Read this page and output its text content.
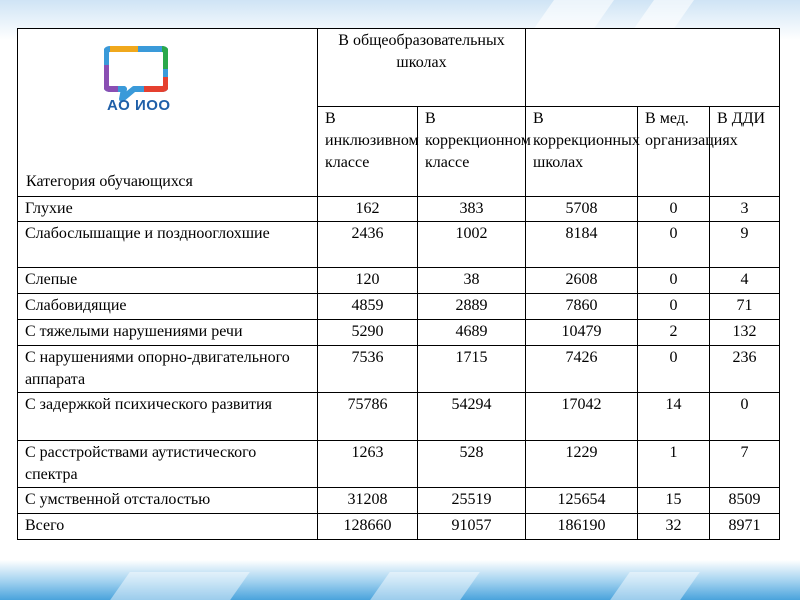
АО ИОО
Категория обучающихся	В общеобразовательных школах				
	В инклюзивном классе	В коррекционном классе	В коррекционных школах	В мед. организациях	В ДДИ
Глухие	162	383	5708	0	3
Слабослышащие и позднооглохшие	2436	1002	8184	0	9
Слепые	120	38	2608	0	4
Слабовидящие	4859	2889	7860	0	71
С тяжелыми нарушениями речи	5290	4689	10479	2	132
С нарушениями опорно-двигательного аппарата	7536	1715	7426	0	236
С задержкой психического развития	75786	54294	17042	14	0
С расстройствами аутистического спектра	1263	528	1229	1	7
С умственной отсталостью	31208	25519	125654	15	8509
Всего	128660	91057	186190	32	8971
